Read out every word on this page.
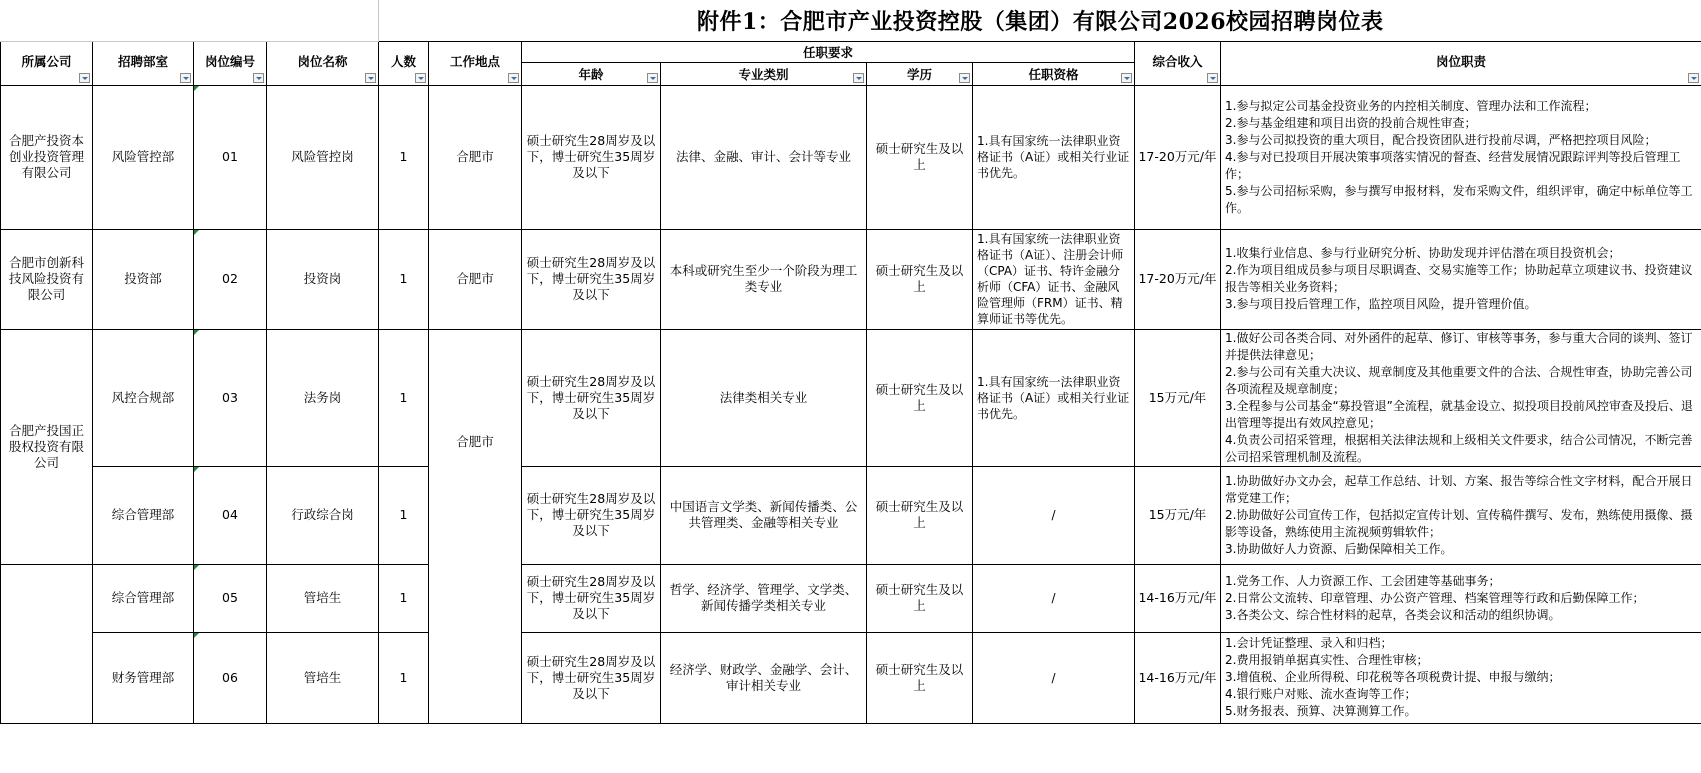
				附件1：合肥市产业投资控股（集团）有限公司2026校园招聘岗位表							

所属公司	招聘部室	岗位编号	岗位名称	人数	工作地点	任职要求				综合收入	岗位职责

						年龄	专业类别	学历	任职资格		

合肥产投资本创业投资管理有限公司	风险管控部	01	风险管控岗	1	合肥市	硕士研究生28周岁及以下，博士研究生35周岁及以下	法律、金融、审计、会计等专业	硕士研究生及以上	1.具有国家统一法律职业资格证书（A证）或相关行业证书优先。	17-20万元/年	1.参与拟定公司基金投资业务的内控相关制度、管理办法和工作流程；
2.参与基金组建和项目出资的投前合规性审查；
3.参与公司拟投资的重大项目，配合投资团队进行投前尽调，严格把控项目风险；
4.参与对已投项目开展决策事项落实情况的督查、经营发展情况跟踪评判等投后管理工作；
5.参与公司招标采购，参与撰写申报材料，发布采购文件，组织评审，确定中标单位等工作。
合肥市创新科技风险投资有限公司	投资部	02	投资岗	1	合肥市	硕士研究生28周岁及以下，博士研究生35周岁及以下	本科或研究生至少一个阶段为理工类专业	硕士研究生及以上	1.具有国家统一法律职业资格证书（A证）、注册会计师（CPA）证书、特许金融分析师（CFA）证书、金融风险管理师（FRM）证书、精算师证书等优先。	17-20万元/年	1.收集行业信息、参与行业研究分析、协助发现并评估潜在项目投资机会；
2.作为项目组成员参与项目尽职调查、交易实施等工作；协助起草立项建议书、投资建议报告等相关业务资料；
3.参与项目投后管理工作，监控项目风险，提升管理价值。
合肥产投国正股权投资有限公司	风控合规部	03	法务岗	1	合肥市	硕士研究生28周岁及以下，博士研究生35周岁及以下	法律类相关专业	硕士研究生及以上	1.具有国家统一法律职业资格证书（A证）或相关行业证书优先。	15万元/年	1.做好公司各类合同、对外函件的起草、修订、审核等事务，参与重大合同的谈判、签订并提供法律意见；
2.参与公司有关重大决议、规章制度及其他重要文件的合法、合规性审查，协助完善公司各项流程及规章制度；
3.全程参与公司基金“募投管退”全流程，就基金设立、拟投项目投前风控审查及投后、退出管理等提出有效风控意见；
4.负责公司招采管理，根据相关法律法规和上级相关文件要求，结合公司情况，不断完善公司招采管理机制及流程。
	综合管理部	04	行政综合岗	1		硕士研究生28周岁及以下，博士研究生35周岁及以下	中国语言文学类、新闻传播类、公共管理类、金融等相关专业	硕士研究生及以上	/	15万元/年	1.协助做好办文办会，起草工作总结、计划、方案、报告等综合性文字材料，配合开展日常党建工作；
2.协助做好公司宣传工作，包括拟定宣传计划、宣传稿件撰写、发布，熟练使用摄像、摄影等设备，熟练使用主流视频剪辑软件；
3.协助做好人力资源、后勤保障相关工作。
	综合管理部	05	管培生	1		硕士研究生28周岁及以下，博士研究生35周岁及以下	哲学、经济学、管理学、文学类、新闻传播学类相关专业	硕士研究生及以上	/	14-16万元/年	1.党务工作、人力资源工作、工会团建等基础事务；
2.日常公文流转、印章管理、办公资产管理、档案管理等行政和后勤保障工作；
3.各类公文、综合性材料的起草，各类会议和活动的组织协调。
	财务管理部	06	管培生	1		硕士研究生28周岁及以下，博士研究生35周岁及以下	经济学、财政学、金融学、会计、审计相关专业	硕士研究生及以上	/	14-16万元/年	1.会计凭证整理、录入和归档；
2.费用报销单据真实性、合理性审核；
3.增值税、企业所得税、印花税等各项税费计提、申报与缴纳；
4.银行账户对账、流水查询等工作；
5.财务报表、预算、决算测算工作。
